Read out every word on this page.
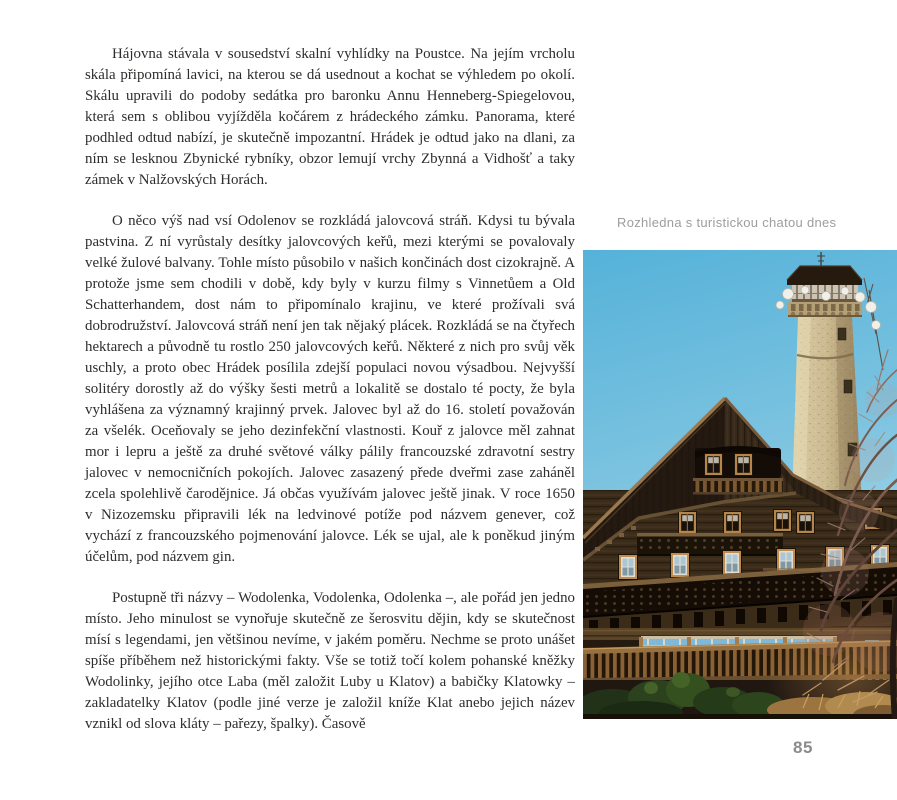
Hájovna stávala v sousedství skalní vyhlídky na Poustce. Na jejím vrcholu skála připomíná lavici, na kterou se dá usednout a kochat se výhledem po okolí. Skálu upravili do podoby sedátka pro baronku Annu Henneberg-Spiegelovou, která sem s oblibou vyjížděla kočárem z hrádeckého zámku. Panorama, které podhled odtud nabízí, je skutečně impozantní. Hrádek je odtud jako na dlani, za ním se lesknou Zbynické rybníky, obzor lemují vrchy Zbynná a Vidhošť a taky zámek v Nalžovských Horách.

O něco výš nad vsí Odolenov se rozkládá jalovcová stráň. Kdysi tu bývala pastvina. Z ní vyrůstaly desítky jalovcových keřů, mezi kterými se povalovaly velké žulové balvany. Tohle místo působilo v našich končinách dost cizokrajně. A protože jsme sem chodili v době, kdy byly v kurzu filmy s Vinnetůem a Old Schatterhandem, dost nám to připomínalo krajinu, ve které prožívali svá dobrodružství. Jalovcová stráň není jen tak nějaký plácek. Rozkládá se na čtyřech hektarech a původně tu rostlo 250 jalovcových keřů. Některé z nich pro svůj věk uschly, a proto obec Hrádek posílila zdejší populaci novou výsadbou. Nejvyšší solitéry dorostly až do výšky šesti metrů a lokalitě se dostalo té pocty, že byla vyhlášena za významný krajinný prvek. Jalovec byl až do 16. století považován za všelék. Oceňovaly se jeho dezinfekční vlastnosti. Kouř z jalovce měl zahnat mor i lepru a ještě za druhé světové války pálily francouzské zdravotní sestry jalovec v nemocničních pokojích. Jalovec zasazený přede dveřmi zase zaháněl zcela spolehlivě čarodějnice. Já občas využívám jalovec ještě jinak. V roce 1650 v Nizozemsku připravili lék na ledvinové potíže pod názvem genever, což vychází z francouzského pojmenování jalovce. Lék se ujal, ale k poněkud jiným účelům, pod názvem gin.

Postupně tři názvy – Wodolenka, Vodolenka, Odolenka –, ale pořád jen jedno místo. Jeho minulost se vynořuje skutečně ze šerosvitu dějin, kdy se skutečnost mísí s legendami, jen většinou nevíme, v jakém poměru. Nechme se proto unášet spíše příběhem než historickými fakty. Vše se totiž točí kolem pohanské kněžky Wodolinky, jejího otce Laba (měl založit Luby u Klatov) a babičky Klatowky – zakladatelky Klatov (podle jiné verze je založil kníže Klat anebo jejich název vznikl od slova kláty – pařezy, špalky). Časově

Rozhledna s turistickou chatou dnes
85
